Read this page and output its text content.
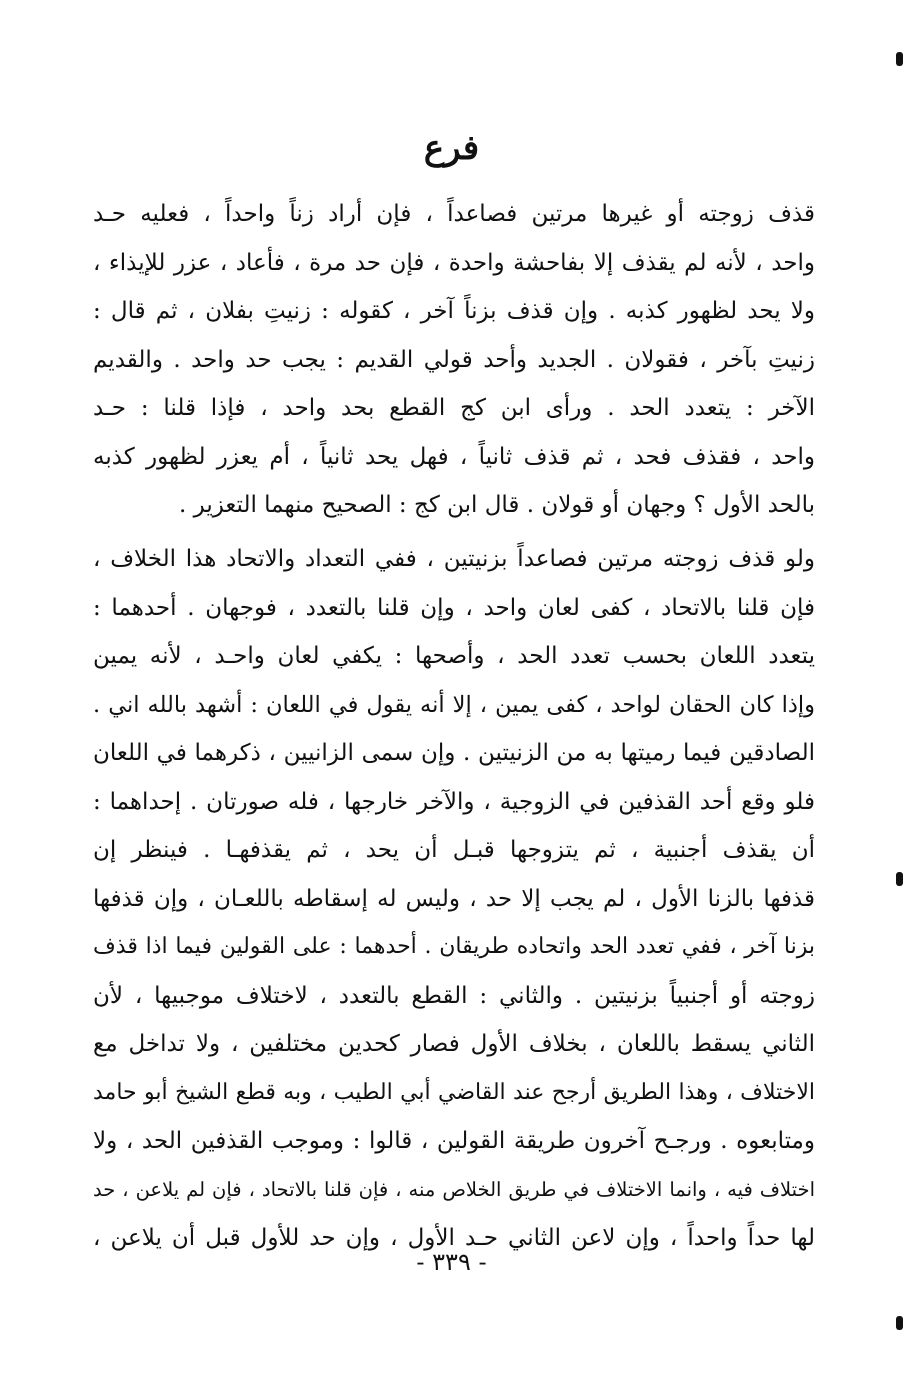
فرع
قذف زوجته أو غيرها مرتين فصاعداً ، فإن أراد زناً واحداً ، فعليه حـد
واحد ، لأنه لم يقذف إلا بفاحشة واحدة ، فإن حد مرة ، فأعاد ، عزر للإيذاء ،
ولا يحد لظهور كذبه . وإن قذف بزناً آخر ، كقوله : زنيتِ بفلان ، ثم قال :
زنيتِ بآخر ، فقولان . الجديد وأحد قولي القديم : يجب حد واحد . والقديم
الآخر : يتعدد الحد . ورأى ابن كج القطع بحد واحد ، فإذا قلنا : حـد
واحد ، فقذف فحد ، ثم قذف ثانياً ، فهل يحد ثانياً ، أم يعزر لظهور كذبه
بالحد الأول ؟ وجهان أو قولان . قال ابن كج : الصحيح منهما التعزير .
ولو قذف زوجته مرتين فصاعداً بزنيتين ، ففي التعداد والاتحاد هذا الخلاف ،
فإن قلنا بالاتحاد ، كفى لعان واحد ، وإن قلنا بالتعدد ، فوجهان . أحدهما :
يتعدد اللعان بحسب تعدد الحد ، وأصحها : يكفي لعان واحـد ، لأنه يمين
وإذا كان الحقان لواحد ، كفى يمين ، إلا أنه يقول في اللعان : أشهد بالله اني .
الصادقين فيما رميتها به من الزنيتين . وإن سمى الزانيين ، ذكرهما في اللعان
فلو وقع أحد القذفين في الزوجية ، والآخر خارجها ، فله صورتان . إحداهما :
أن يقذف أجنبية ، ثم يتزوجها قبـل أن يحد ، ثم يقذفهـا . فينظر إن
قذفها بالزنا الأول ، لم يجب إلا حد ، وليس له إسقاطه باللعـان ، وإن قذفها
بزنا آخر ، ففي تعدد الحد واتحاده طريقان . أحدهما : على القولين فيما اذا قذف
زوجته أو أجنبياً بزنيتين . والثاني : القطع بالتعدد ، لاختلاف موجبيها ، لأن
الثاني يسقط باللعان ، بخلاف الأول فصار كحدين مختلفين ، ولا تداخل مع
الاختلاف ، وهذا الطريق أرجح عند القاضي أبي الطيب ، وبه قطع الشيخ أبو حامد
ومتابعوه . ورجـح آخرون طريقة القولين ، قالوا : وموجب القذفين الحد ، ولا
اختلاف فيه ، وانما الاختلاف في طريق الخلاص منه ، فإن قلنا بالاتحاد ، فإن لم يلاعن ، حد
لها حداً واحداً ، وإن لاعن الثاني حـد الأول ، وإن حد للأول قبل أن يلاعن ،
- ٣٣٩ -
